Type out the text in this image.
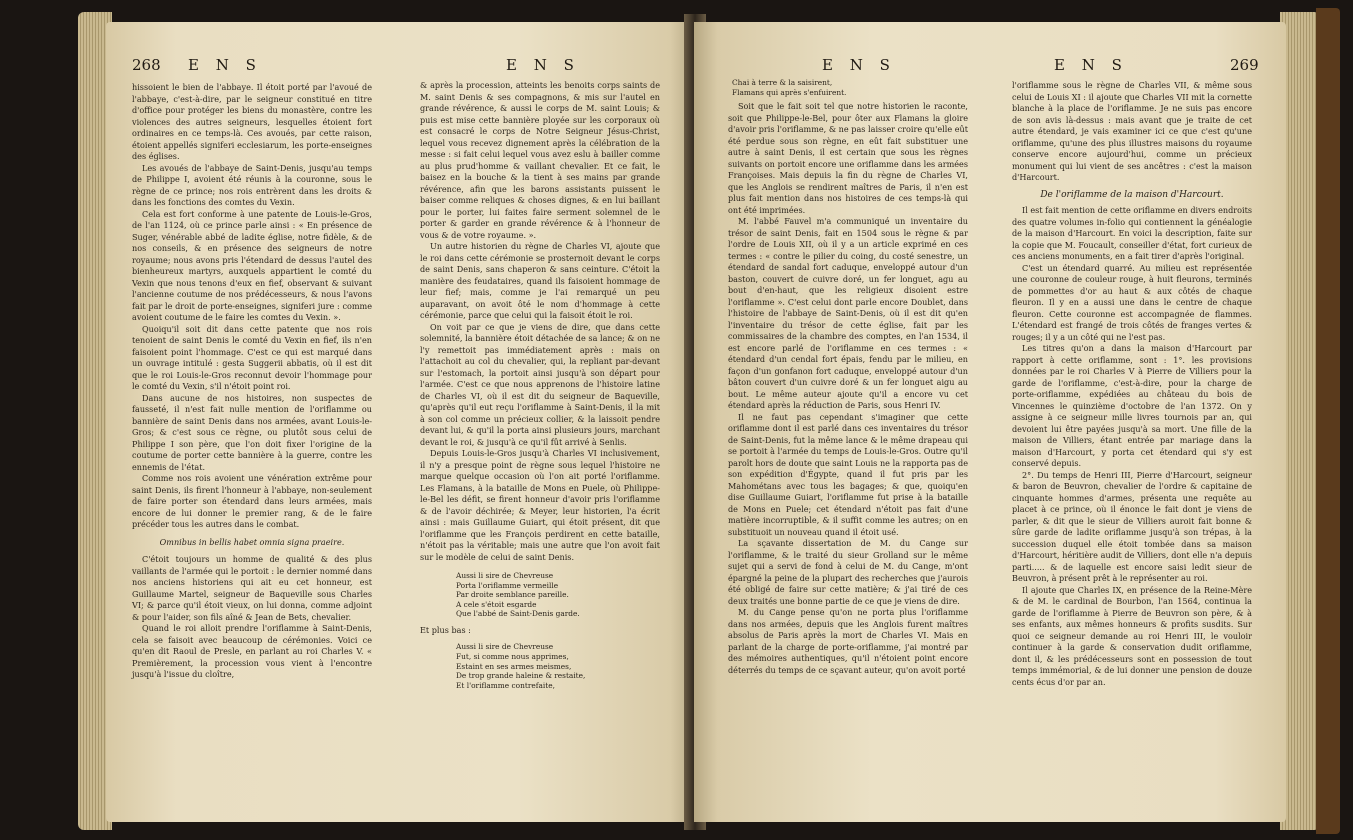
268 E N S	E N S

hissoient le bien de l'abbaye. Il étoit porté par l'avoué de l'abbaye, c'est-à-dire, par le seigneur constitué en titre d'office pour protéger les biens du monastère, contre les violences des autres seigneurs, lesquelles étoient fort ordinaires en ce temps-là. Ces avoués, par cette raison, étoient appellés signiferi ecclesiarum, les porte-enseignes des églises.

Les avoués de l'abbaye de Saint-Denis, jusqu'au temps de Philippe I, avoient été réunis à la couronne, sous le règne de ce prince; nos rois entrèrent dans les droits & dans les fonctions des comtes du Vexin.

Cela est fort conforme à une patente de Louis-le-Gros, de l'an 1124, où ce prince parle ainsi : « En présence de Suger, vénérable abbé de ladite église, notre fidèle, & de nos conseils, & en présence des seigneurs de notre royaume; nous avons pris l'étendard de dessus l'autel des bienheureux martyrs, auxquels appartient le comté du Vexin que nous tenons d'eux en fief, observant & suivant l'ancienne coutume de nos prédécesseurs, & nous l'avons fait par le droit de porte-enseignes, signiferi jure : comme avoient coutume de le faire les comtes du Vexin. ».

Quoiqu'il soit dit dans cette patente que nos rois tenoient de saint Denis le comté du Vexin en fief, ils n'en faisoient point l'hommage. C'est ce qui est marqué dans un ouvrage intitulé : gesta Suggerii abbatis, où il est dit que le roi Louis-le-Gros reconnut devoir l'hommage pour le comté du Vexin, s'il n'étoit point roi.

Dans aucune de nos histoires, non suspectes de fausseté, il n'est fait nulle mention de l'oriflamme ou bannière de saint Denis dans nos armées, avant Louis-le-Gros; & c'est sous ce règne, ou plutôt sous celui de Philippe I son père, que l'on doit fixer l'origine de la coutume de porter cette bannière à la guerre, contre les ennemis de l'état.

Comme nos rois avoient une vénération extrême pour saint Denis, ils firent l'honneur à l'abbaye, non-seulement de faire porter son étendard dans leurs armées, mais encore de lui donner le premier rang, & de le faire précéder tous les autres dans le combat.

Omnibus in bellis habet omnia signa praeire.

C'étoit toujours un homme de qualité & des plus vaillants de l'armée qui le portoit : le dernier nommé dans nos anciens historiens qui ait eu cet honneur, est Guillaume Martel, seigneur de Baqueville sous Charles VI; & parce qu'il étoit vieux, on lui donna, comme adjoint & pour l'aider, son fils aîné & Jean de Bets, chevalier.

Quand le roi alloit prendre l'oriflamme à Saint-Denis, cela se faisoit avec beaucoup de cérémonies. Voici ce qu'en dit Raoul de Presle, en parlant au roi Charles V. « Premièrement, la procession vous vient à l'encontre jusqu'à l'issue du cloître,

& après la procession, atteints les benoits corps saints de M. saint Denis & ses compagnons, & mis sur l'autel en grande révérence, & aussi le corps de M. saint Louis; & puis est mise cette bannière ployée sur les corporaux où est consacré le corps de Notre Seigneur Jésus-Christ, lequel vous recevez dignement après la célébration de la messe : si fait celui lequel vous avez eslu à bailler comme au plus prud'homme & vaillant chevalier. Et ce fait, le baisez en la bouche & la tient à ses mains par grande révérence, afin que les barons assistants puissent le baiser comme reliques & choses dignes, & en lui baillant pour le porter, lui faites faire serment solemnel de le porter & garder en grande révérence & à l'honneur de vous & de votre royaume. ».

Un autre historien du règne de Charles VI, ajoute que le roi dans cette cérémonie se prosternoit devant le corps de saint Denis, sans chaperon & sans ceinture. C'étoit la manière des feudataires, quand ils faisoient hommage de leur fief; mais, comme je l'ai remarqué un peu auparavant, on avoit ôté le nom d'hommage à cette cérémonie, parce que celui qui la faisoit étoit le roi.

On voit par ce que je viens de dire, que dans cette solemnité, la bannière étoit détachée de sa lance; & on ne l'y remettoit pas immédiatement après : mais on l'attachoit au col du chevalier, qui, la repliant par-devant sur l'estomach, la portoit ainsi jusqu'à son départ pour l'armée. C'est ce que nous apprenons de l'histoire latine de Charles VI, où il est dit du seigneur de Baqueville, qu'après qu'il eut reçu l'oriflamme à Saint-Denis, il la mit à son col comme un précieux collier, & la laissoit pendre devant lui, & qu'il la porta ainsi plusieurs jours, marchant devant le roi, & jusqu'à ce qu'il fût arrivé à Senlis.

Depuis Louis-le-Gros jusqu'à Charles VI inclusivement, il n'y a presque point de règne sous lequel l'histoire ne marque quelque occasion où l'on ait porté l'oriflamme. Les Flamans, à la bataille de Mons en Puele, où Philippe-le-Bel les défit, se firent honneur d'avoir pris l'oriflamme & de l'avoir déchirée; & Meyer, leur historien, l'a écrit ainsi : mais Guillaume Guiart, qui étoit présent, dit que l'oriflamme que les François perdirent en cette bataille, n'étoit pas la véritable; mais une autre que l'on avoit fait sur le modèle de celui de saint Denis.

Aussi li sire de Chevreuse

Porta l'oriflamme vermeille

Par droite semblance pareille.

A cele s'étoit esgarde

Que l'abbé de Saint-Denis garde.

Et plus bas :

Aussi li sire de Chevreuse

Fut, si comme nous apprimes,

Estaint en ses armes meismes,

De trop grande haleine & restaite,

Et l'oriflamme contrefaite,

E N S	E N S	269

Chai à terre & la saisirent,

Flamans qui après s'enfuirent.

Soit que le fait soit tel que notre historien le raconte, soit que Philippe-le-Bel, pour ôter aux Flamans la gloire d'avoir pris l'oriflamme, & ne pas laisser croire qu'elle eût été perdue sous son règne, en eût fait substituer une autre à saint Denis, il est certain que sous les règnes suivants on portoit encore une oriflamme dans les armées Françoises. Mais depuis la fin du règne de Charles VI, que les Anglois se rendirent maîtres de Paris, il n'en est plus fait mention dans nos histoires de ces temps-là qui ont été imprimées.

M. l'abbé Fauvel m'a communiqué un inventaire du trésor de saint Denis, fait en 1504 sous le règne & par l'ordre de Louis XII, où il y a un article exprimé en ces termes : « contre le pilier du coing, du costé senestre, un étendard de sandal fort caduque, enveloppé autour d'un baston, couvert de cuivre doré, un fer longuet, agu au bout d'en-haut, que les religieux disoient estre l'oriflamme ». C'est celui dont parle encore Doublet, dans l'histoire de l'abbaye de Saint-Denis, où il est dit qu'en l'inventaire du trésor de cette église, fait par les commissaires de la chambre des comptes, en l'an 1534, il est encore parlé de l'oriflamme en ces termes : « étendard d'un cendal fort épais, fendu par le milieu, en façon d'un gonfanon fort caduque, enveloppé autour d'un bâton couvert d'un cuivre doré & un fer longuet aigu au bout. Le même auteur ajoute qu'il a encore vu cet étendard après la réduction de Paris, sous Henri IV.

Il ne faut pas cependant s'imaginer que cette oriflamme dont il est parlé dans ces inventaires du trésor de Saint-Denis, fut la même lance & le même drapeau qui se portoit à l'armée du temps de Louis-le-Gros. Outre qu'il paroît hors de doute que saint Louis ne la rapporta pas de son expédition d'Égypte, quand il fut pris par les Mahométans avec tous les bagages; & que, quoiqu'en dise Guillaume Guiart, l'oriflamme fut prise à la bataille de Mons en Puele; cet étendard n'étoit pas fait d'une matière incorruptible, & il suffit comme les autres; on en substituoit un nouveau quand il étoit usé.

La sçavante dissertation de M. du Cange sur l'oriflamme, & le traité du sieur Grolland sur le même sujet qui a servi de fond à celui de M. du Cange, m'ont épargné la peine de la plupart des recherches que j'aurois été obligé de faire sur cette matière; & j'ai tiré de ces deux traités une bonne partie de ce que je viens de dire.

M. du Cange pense qu'on ne porta plus l'oriflamme dans nos armées, depuis que les Anglois furent maîtres absolus de Paris après la mort de Charles VI. Mais en parlant de la charge de porte-oriflamme, j'ai montré par des mémoires authentiques, qu'il n'étoient point encore déterrés du temps de ce sçavant auteur, qu'on avoit porté

l'oriflamme sous le règne de Charles VII, & même sous celui de Louis XI : il ajoute que Charles VII mit la cornette blanche à la place de l'oriflamme. Je ne suis pas encore de son avis là-dessus : mais avant que je traite de cet autre étendard, je vais examiner ici ce que c'est qu'une oriflamme, qu'une des plus illustres maisons du royaume conserve encore aujourd'hui, comme un précieux monument qui lui vient de ses ancêtres : c'est la maison d'Harcourt.

De l'oriflamme de la maison d'Harcourt.

Il est fait mention de cette oriflamme en divers endroits des quatre volumes in-folio qui contiennent la généalogie de la maison d'Harcourt. En voici la description, faite sur la copie que M. Foucault, conseiller d'état, fort curieux de ces anciens monuments, en a fait tirer d'après l'original.

C'est un étendard quarré. Au milieu est représentée une couronne de couleur rouge, à huit fleurons, terminés de pommettes d'or au haut & aux côtés de chaque fleuron. Il y en a aussi une dans le centre de chaque fleuron. Cette couronne est accompagnée de flammes. L'étendard est frangé de trois côtés de franges vertes & rouges; il y a un côté qui ne l'est pas.

Les titres qu'on a dans la maison d'Harcourt par rapport à cette oriflamme, sont : 1°. les provisions données par le roi Charles V à Pierre de Villiers pour la garde de l'oriflamme, c'est-à-dire, pour la charge de porte-oriflamme, expédiées au château du bois de Vincennes le quinzième d'octobre de l'an 1372. On y assigne à ce seigneur mille livres tournois par an, qui devoient lui être payées jusqu'à sa mort. Une fille de la maison de Villiers, étant entrée par mariage dans la maison d'Harcourt, y porta cet étendard qui s'y est conservé depuis.

2°. Du temps de Henri III, Pierre d'Harcourt, seigneur & baron de Beuvron, chevalier de l'ordre & capitaine de cinquante hommes d'armes, présenta une requête au placet à ce prince, où il énonce le fait dont je viens de parler, & dit que le sieur de Villiers auroit fait bonne & sûre garde de ladite oriflamme jusqu'à son trépas, à la succession duquel elle étoit tombée dans sa maison d'Harcourt, héritière audit de Villiers, dont elle n'a depuis parti..... & de laquelle est encore saisi ledit sieur de Beuvron, à présent prêt à le représenter au roi.

Il ajoute que Charles IX, en présence de la Reine-Mère & de M. le cardinal de Bourbon, l'an 1564, continua la garde de l'oriflamme à Pierre de Beuvron son père, & à ses enfants, aux mêmes honneurs & profits susdits. Sur quoi ce seigneur demande au roi Henri III, le vouloir continuer à la garde & conservation dudit oriflamme, dont il, & les prédécesseurs sont en possession de tout temps immémorial, & de lui donner une pension de douze cents écus d'or par an.
